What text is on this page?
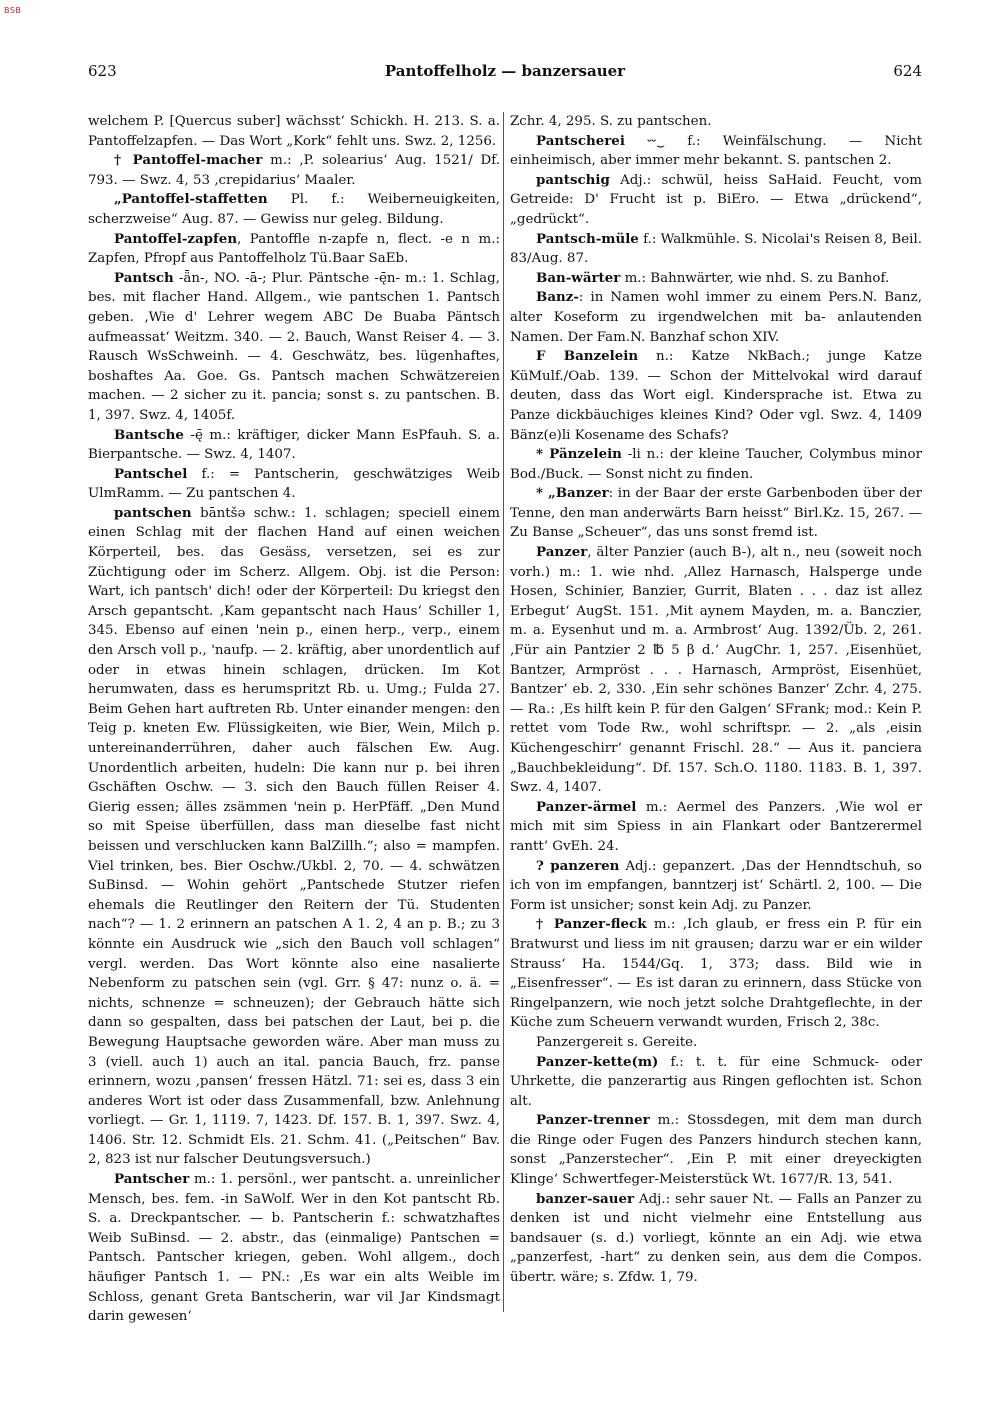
BSB
623	Pantoffelholz — banzersauer	624

welchem P. [Quercus suber] wächsst‘ Schickh. H. 213. S. a. Pantoffelzapfen. — Das Wort „Kork“ fehlt uns. Swz. 2, 1256.

† Pantoffel-macher m.: ‚P. solearius‘ Aug. 1521/ Df. 793. — Swz. 4, 53 ‚crepidarius‘ Maaler.

„Pantoffel-staffetten Pl. f.: Weiberneuigkeiten, scherzweise“ Aug. 87. — Gewiss nur geleg. Bildung.

Pantoffel-zapfen, Pantoffle n-zapfe n, flect. -e n m.: Zapfen, Pfropf aus Pantoffelholz Tü.Baar SaEb.

Pantsch -ǟn-, NO. -ā-; Plur. Päntsche -ę̄n- m.: 1. Schlag, bes. mit flacher Hand. Allgem., wie pantschen 1. Pantsch geben. ‚Wie d' Lehrer wegem ABC De Buaba Päntsch aufmeassat‘ Weitzm. 340. — 2. Bauch, Wanst Reiser 4. — 3. Rausch WsSchweinh. — 4. Geschwätz, bes. lügenhaftes, boshaftes Aa. Goe. Gs. Pantsch machen Schwätzereien machen. — 2 sicher zu it. pancia; sonst s. zu pantschen. B. 1, 397. Swz. 4, 1405f.

Bantsche -ę̄ m.: kräftiger, dicker Mann EsPfauh. S. a. Bierpantsche. — Swz. 4, 1407.

Pantschel f.: = Pantscherin, geschwätziges Weib UlmRamm. — Zu pantschen 4.

pantschen bāntšə schw.: 1. schlagen; speciell einem einen Schlag mit der flachen Hand auf einen weichen Körperteil, bes. das Gesäss, versetzen, sei es zur Züchtigung oder im Scherz. Allgem. Obj. ist die Person: Wart, ich pantsch' dich! oder der Körperteil: Du kriegst den Arsch gepantscht. ‚Kam gepantscht nach Haus‘ Schiller 1, 345. Ebenso auf einen 'nein p., einen herp., verp., einem den Arsch voll p., 'naufp. — 2. kräftig, aber unordentlich auf oder in etwas hinein schlagen, drücken. Im Kot herumwaten, dass es herumspritzt Rb. u. Umg.; Fulda 27. Beim Gehen hart auftreten Rb. Unter einander mengen: den Teig p. kneten Ew. Flüssigkeiten, wie Bier, Wein, Milch p. untereinanderrühren, daher auch fälschen Ew. Aug. Unordentlich arbeiten, hudeln: Die kann nur p. bei ihren Gschäften Oschw. — 3. sich den Bauch füllen Reiser 4. Gierig essen; älles zsämmen 'nein p. HerPfäff. „Den Mund so mit Speise überfüllen, dass man dieselbe fast nicht beissen und verschlucken kann BalZillh.“; also = mampfen. Viel trinken, bes. Bier Oschw./Ukbl. 2, 70. — 4. schwätzen SuBinsd. — Wohin gehört „Pantschede Stutzer riefen ehemals die Reutlinger den Reitern der Tü. Studenten nach“? — 1. 2 erinnern an patschen A 1. 2, 4 an p. B.; zu 3 könnte ein Ausdruck wie „sich den Bauch voll schlagen“ vergl. werden. Das Wort könnte also eine nasalierte Nebenform zu patschen sein (vgl. Grr. § 47: nunz o. ä. = nichts, schnenze = schneuzen); der Gebrauch hätte sich dann so gespalten, dass bei patschen der Laut, bei p. die Bewegung Hauptsache geworden wäre. Aber man muss zu 3 (viell. auch 1) auch an ital. pancia Bauch, frz. panse erinnern, wozu ‚pansen‘ fressen Hätzl. 71: sei es, dass 3 ein anderes Wort ist oder dass Zusammenfall, bzw. Anlehnung vorliegt. — Gr. 1, 1119. 7, 1423. Df. 157. B. 1, 397. Swz. 4, 1406. Str. 12. Schmidt Els. 21. Schm. 41. („Peitschen“ Bav. 2, 823 ist nur falscher Deutungsversuch.)

Pantscher m.: 1. persönl., wer pantscht. a. unreinlicher Mensch, bes. fem. -in SaWolf. Wer in den Kot pantscht Rb. S. a. Dreckpantscher. — b. Pantscherin f.: schwatzhaftes Weib SuBinsd. — 2. abstr., das (einmalige) Pantschen = Pantsch. Pantscher kriegen, geben. Wohl allgem., doch häufiger Pantsch 1. — PN.: ‚Es war ein alts Weible im Schloss, genant Greta Bantscherin, war vil Jar Kindsmagt darin gewesen‘

Zchr. 4, 295. S. zu pantschen.

Pantscherei ⏑⏑‿ f.: Weinfälschung. — Nicht einheimisch, aber immer mehr bekannt. S. pantschen 2.

pantschig Adj.: schwül, heiss SaHaid. Feucht, vom Getreide: D' Frucht ist p. BiEro. — Etwa „drückend“, „gedrückt“.

Pantsch-müle f.: Walkmühle. S. Nicolai's Reisen 8, Beil. 83/Aug. 87.

Ban-wärter m.: Bahnwärter, wie nhd. S. zu Banhof.

Banz-: in Namen wohl immer zu einem Pers.N. Banz, alter Koseform zu irgendwelchen mit ba- anlautenden Namen. Der Fam.N. Banzhaf schon XIV.

F Banzelein n.: Katze NkBach.; junge Katze KüMulf./Oab. 139. — Schon der Mittelvokal wird darauf deuten, dass das Wort eigl. Kindersprache ist. Etwa zu Panze dickbäuchiges kleines Kind? Oder vgl. Swz. 4, 1409 Bänz(e)li Kosename des Schafs?

* Pänzelein -li n.: der kleine Taucher, Colymbus minor Bod./Buck. — Sonst nicht zu finden.

* „Banzer: in der Baar der erste Garbenboden über der Tenne, den man anderwärts Barn heisst“ Birl.Kz. 15, 267. — Zu Banse „Scheuer“, das uns sonst fremd ist.

Panzer, älter Panzier (auch B-), alt n., neu (soweit noch vorh.) m.: 1. wie nhd. ‚Allez Harnasch, Halsperge unde Hosen, Schinier, Banzier, Gurrit, Blaten . . . daz ist allez Erbegut‘ AugSt. 151. ‚Mit aynem Mayden, m. a. Banczier, m. a. Eysenhut und m. a. Armbrost‘ Aug. 1392/Üb. 2, 261. ‚Für ain Pantzier 2 ℔ 5 β d.‘ AugChr. 1, 257. ‚Eisenhüet, Bantzer, Armpröst . . . Harnasch, Armpröst, Eisenhüet, Bantzer‘ eb. 2, 330. ‚Ein sehr schönes Banzer‘ Zchr. 4, 275. — Ra.: ‚Es hilft kein P. für den Galgen‘ SFrank; mod.: Kein P. rettet vom Tode Rw., wohl schriftspr. — 2. „als ‚eisin Küchengeschirr‘ genannt Frischl. 28.“ — Aus it. panciera „Bauchbekleidung“. Df. 157. Sch.O. 1180. 1183. B. 1, 397. Swz. 4, 1407.

Panzer-ärmel m.: Aermel des Panzers. ‚Wie wol er mich mit sim Spiess in ain Flankart oder Bantzerermel rantt‘ GvEh. 24.

? panzeren Adj.: gepanzert. ‚Das der Henndtschuh, so ich von im empfangen, banntzerj ist‘ Schärtl. 2, 100. — Die Form ist unsicher; sonst kein Adj. zu Panzer.

† Panzer-fleck m.: ‚Ich glaub, er fress ein P. für ein Bratwurst und liess im nit grausen; darzu war er ein wilder Strauss‘ Ha. 1544/Gq. 1, 373; dass. Bild wie in „Eisenfresser“. — Es ist daran zu erinnern, dass Stücke von Ringelpanzern, wie noch jetzt solche Drahtgeflechte, in der Küche zum Scheuern verwandt wurden, Frisch 2, 38c.

Panzergereit s. Gereite.

Panzer-kette(m) f.: t. t. für eine Schmuck- oder Uhrkette, die panzerartig aus Ringen geflochten ist. Schon alt.

Panzer-trenner m.: Stossdegen, mit dem man durch die Ringe oder Fugen des Panzers hindurch stechen kann, sonst „Panzerstecher“. ‚Ein P. mit einer dreyeckigten Klinge‘ Schwertfeger-Meisterstück Wt. 1677/R. 13, 541.

banzer-sauer Adj.: sehr sauer Nt. — Falls an Panzer zu denken ist und nicht vielmehr eine Entstellung aus bandsauer (s. d.) vorliegt, könnte an ein Adj. wie etwa „panzerfest, -hart“ zu denken sein, aus dem die Compos. übertr. wäre; s. Zfdw. 1, 79.
